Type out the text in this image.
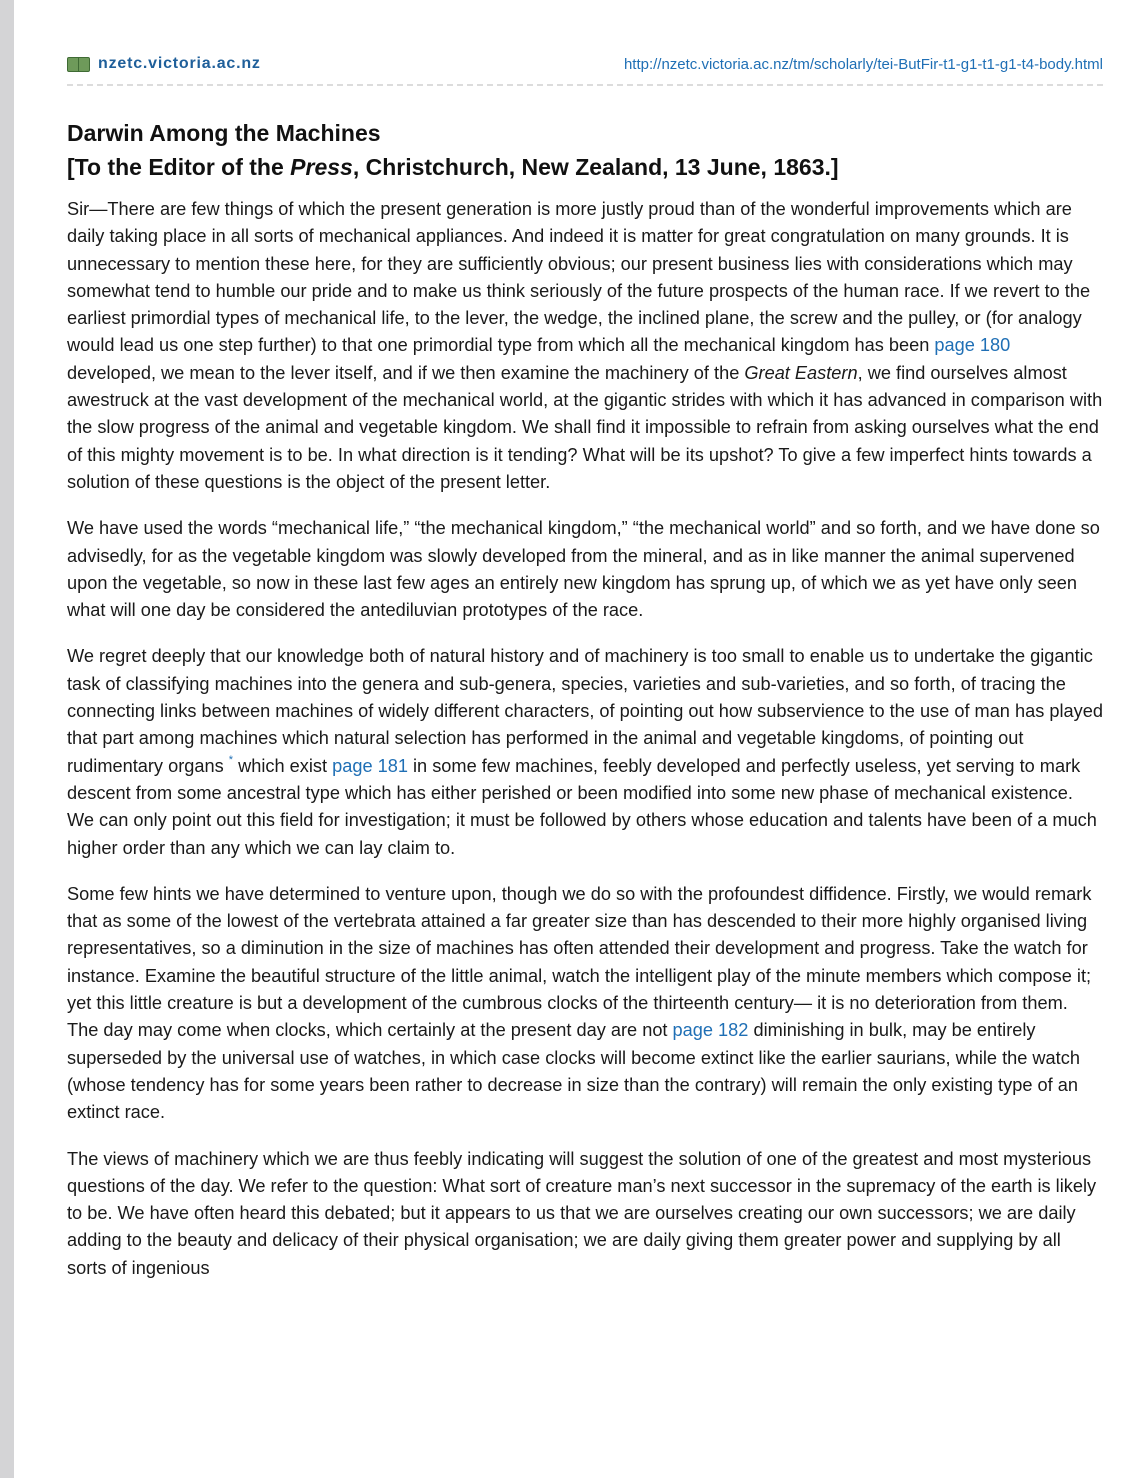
nzetc.victoria.ac.nz	http://nzetc.victoria.ac.nz/tm/scholarly/tei-ButFir-t1-g1-t1-g1-t4-body.html
Darwin Among the Machines
[To the Editor of the Press, Christchurch, New Zealand, 13 June, 1863.]

Sir—There are few things of which the present generation is more justly proud than of the wonderful improvements which are daily taking place in all sorts of mechanical appliances. And indeed it is matter for great congratulation on many grounds. It is unnecessary to mention these here, for they are sufficiently obvious; our present business lies with considerations which may somewhat tend to humble our pride and to make us think seriously of the future prospects of the human race. If we revert to the earliest primordial types of mechanical life, to the lever, the wedge, the inclined plane, the screw and the pulley, or (for analogy would lead us one step further) to that one primordial type from which all the mechanical kingdom has been page 180 developed, we mean to the lever itself, and if we then examine the machinery of the Great Eastern, we find ourselves almost awestruck at the vast development of the mechanical world, at the gigantic strides with which it has advanced in comparison with the slow progress of the animal and vegetable kingdom. We shall find it impossible to refrain from asking ourselves what the end of this mighty movement is to be. In what direction is it tending? What will be its upshot? To give a few imperfect hints towards a solution of these questions is the object of the present letter.

We have used the words “mechanical life,” “the mechanical kingdom,” “the mechanical world” and so forth, and we have done so advisedly, for as the vegetable kingdom was slowly developed from the mineral, and as in like manner the animal supervened upon the vegetable, so now in these last few ages an entirely new kingdom has sprung up, of which we as yet have only seen what will one day be considered the antediluvian prototypes of the race.

We regret deeply that our knowledge both of natural history and of machinery is too small to enable us to undertake the gigantic task of classifying machines into the genera and sub-genera, species, varieties and sub-varieties, and so forth, of tracing the connecting links between machines of widely different characters, of pointing out how subservience to the use of man has played that part among machines which natural selection has performed in the animal and vegetable kingdoms, of pointing out rudimentary organs * which exist page 181 in some few machines, feebly developed and perfectly useless, yet serving to mark descent from some ancestral type which has either perished or been modified into some new phase of mechanical existence. We can only point out this field for investigation; it must be followed by others whose education and talents have been of a much higher order than any which we can lay claim to.

Some few hints we have determined to venture upon, though we do so with the profoundest diffidence. Firstly, we would remark that as some of the lowest of the vertebrata attained a far greater size than has descended to their more highly organised living representatives, so a diminution in the size of machines has often attended their development and progress. Take the watch for instance. Examine the beautiful structure of the little animal, watch the intelligent play of the minute members which compose it; yet this little creature is but a development of the cumbrous clocks of the thirteenth century— it is no deterioration from them. The day may come when clocks, which certainly at the present day are not page 182 diminishing in bulk, may be entirely superseded by the universal use of watches, in which case clocks will become extinct like the earlier saurians, while the watch (whose tendency has for some years been rather to decrease in size than the contrary) will remain the only existing type of an extinct race.

The views of machinery which we are thus feebly indicating will suggest the solution of one of the greatest and most mysterious questions of the day. We refer to the question: What sort of creature man’s next successor in the supremacy of the earth is likely to be. We have often heard this debated; but it appears to us that we are ourselves creating our own successors; we are daily adding to the beauty and delicacy of their physical organisation; we are daily giving them greater power and supplying by all sorts of ingenious
